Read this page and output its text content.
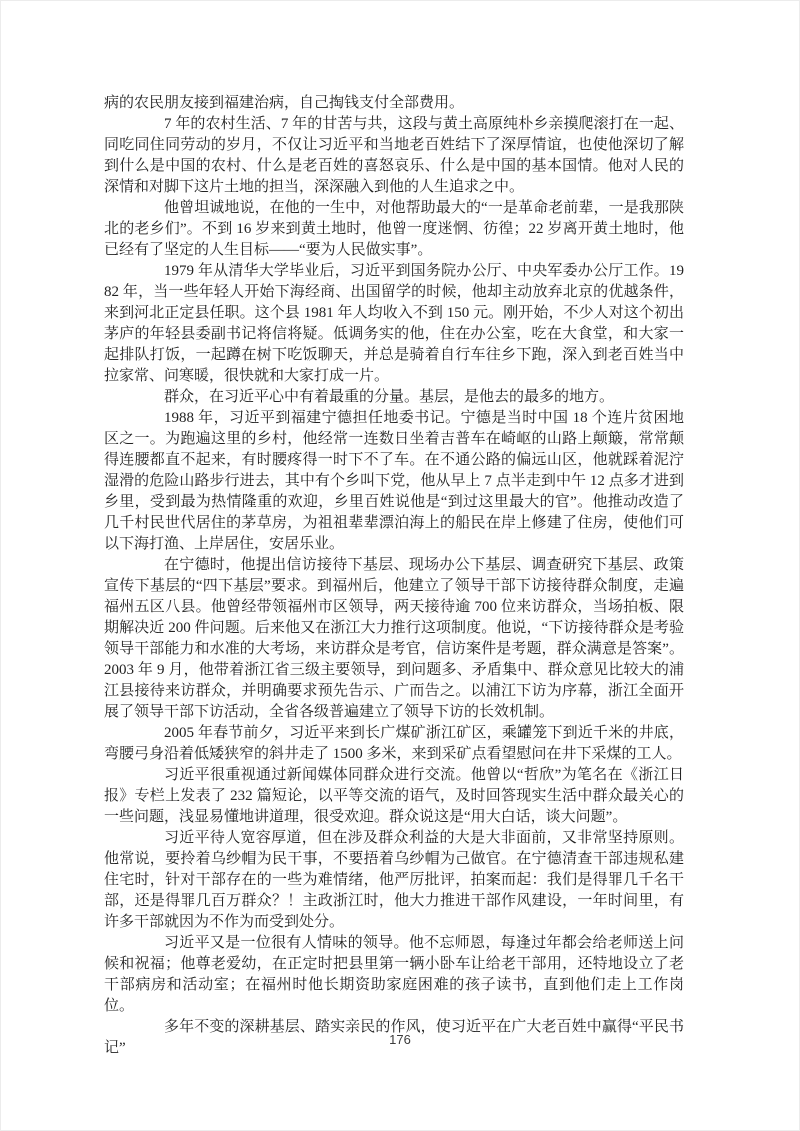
病的农民朋友接到福建治病，自己掏钱支付全部费用。

7 年的农村生活、7 年的甘苦与共，这段与黄土高原纯朴乡亲摸爬滚打在一起、同吃同住同劳动的岁月，不仅让习近平和当地老百姓结下了深厚情谊，也使他深切了解到什么是中国的农村、什么是老百姓的喜怒哀乐、什么是中国的基本国情。他对人民的深情和对脚下这片土地的担当，深深融入到他的人生追求之中。

他曾坦诚地说，在他的一生中，对他帮助最大的“一是革命老前辈，一是我那陕北的老乡们”。不到 16 岁来到黄土地时，他曾一度迷惘、彷徨；22 岁离开黄土地时，他已经有了坚定的人生目标——“要为人民做实事”。

1979 年从清华大学毕业后，习近平到国务院办公厅、中央军委办公厅工作。1982 年，当一些年轻人开始下海经商、出国留学的时候，他却主动放弃北京的优越条件，来到河北正定县任职。这个县 1981 年人均收入不到 150 元。刚开始，不少人对这个初出茅庐的年轻县委副书记将信将疑。低调务实的他，住在办公室，吃在大食堂，和大家一起排队打饭，一起蹲在树下吃饭聊天，并总是骑着自行车往乡下跑，深入到老百姓当中拉家常、问寒暖，很快就和大家打成一片。

群众，在习近平心中有着最重的分量。基层，是他去的最多的地方。

1988 年，习近平到福建宁德担任地委书记。宁德是当时中国 18 个连片贫困地区之一。为跑遍这里的乡村，他经常一连数日坐着吉普车在崎岖的山路上颠簸，常常颠得连腰都直不起来，有时腰疼得一时下不了车。在不通公路的偏远山区，他就踩着泥泞湿滑的危险山路步行进去，其中有个乡叫下党，他从早上 7 点半走到中午 12 点多才进到乡里，受到最为热情隆重的欢迎，乡里百姓说他是“到过这里最大的官”。他推动改造了几千村民世代居住的茅草房，为祖祖辈辈漂泊海上的船民在岸上修建了住房，使他们可以下海打渔、上岸居住，安居乐业。

在宁德时，他提出信访接待下基层、现场办公下基层、调查研究下基层、政策宣传下基层的“四下基层”要求。到福州后，他建立了领导干部下访接待群众制度，走遍福州五区八县。他曾经带领福州市区领导，两天接待逾 700 位来访群众，当场拍板、限期解决近 200 件问题。后来他又在浙江大力推行这项制度。他说，“下访接待群众是考验领导干部能力和水准的大考场，来访群众是考官，信访案件是考题，群众满意是答案”。2003 年 9 月，他带着浙江省三级主要领导，到问题多、矛盾集中、群众意见比较大的浦江县接待来访群众，并明确要求预先告示、广而告之。以浦江下访为序幕，浙江全面开展了领导干部下访活动，全省各级普遍建立了领导下访的长效机制。

2005 年春节前夕，习近平来到长广煤矿浙江矿区，乘罐笼下到近千米的井底，弯腰弓身沿着低矮狭窄的斜井走了 1500 多米，来到采矿点看望慰问在井下采煤的工人。

习近平很重视通过新闻媒体同群众进行交流。他曾以“哲欣”为笔名在《浙江日报》专栏上发表了 232 篇短论，以平等交流的语气，及时回答现实生活中群众最关心的一些问题，浅显易懂地讲道理，很受欢迎。群众说这是“用大白话，谈大问题”。

习近平待人宽容厚道，但在涉及群众利益的大是大非面前，又非常坚持原则。他常说，要拎着乌纱帽为民干事，不要捂着乌纱帽为己做官。在宁德清查干部违规私建住宅时，针对干部存在的一些为难情绪，他严厉批评，拍案而起：我们是得罪几千名干部，还是得罪几百万群众？！主政浙江时，他大力推进干部作风建设，一年时间里，有许多干部就因为不作为而受到处分。

习近平又是一位很有人情味的领导。他不忘师恩，每逢过年都会给老师送上问候和祝福；他尊老爱幼，在正定时把县里第一辆小卧车让给老干部用，还特地设立了老干部病房和活动室；在福州时他长期资助家庭困难的孩子读书，直到他们走上工作岗位。

多年不变的深耕基层、踏实亲民的作风，使习近平在广大老百姓中赢得“平民书记”

176
